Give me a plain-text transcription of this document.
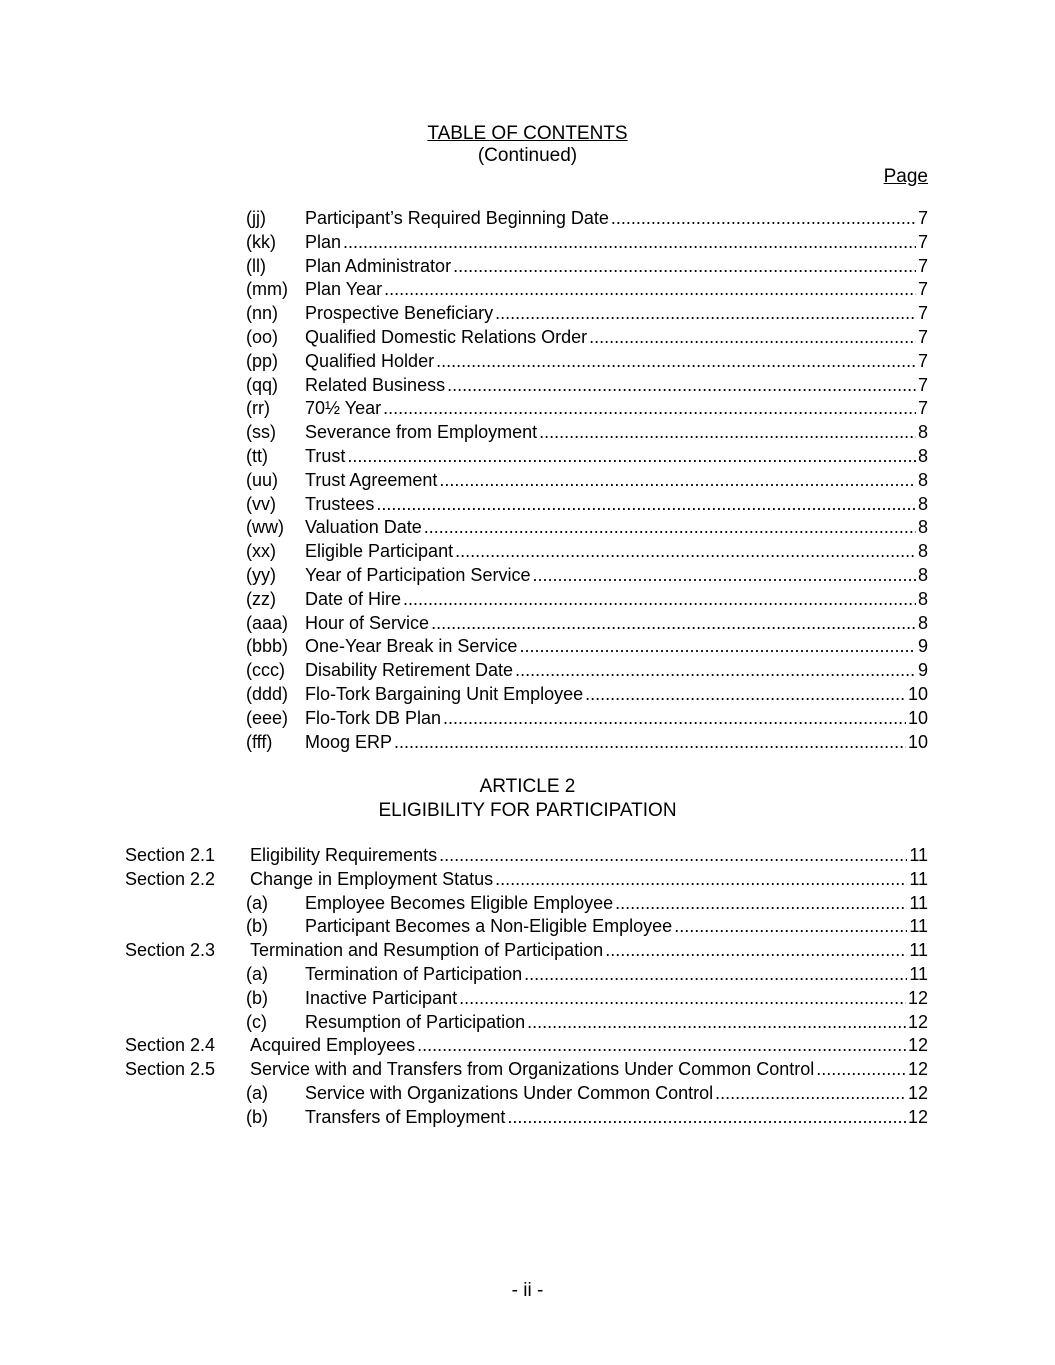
TABLE OF CONTENTS
(Continued)
Page
(jj) Participant’s Required Beginning Date .....	7
(kk) Plan .....	7
(ll) Plan Administrator .....	7
(mm) Plan Year .....	7
(nn) Prospective Beneficiary .....	7
(oo) Qualified Domestic Relations Order .....	7
(pp) Qualified Holder .....	7
(qq) Related Business .....	7
(rr) 70½ Year .....	7
(ss) Severance from Employment .....	8
(tt) Trust .....	8
(uu) Trust Agreement .....	8
(vv) Trustees .....	8
(ww) Valuation Date .....	8
(xx) Eligible Participant .....	8
(yy) Year of Participation Service .....	8
(zz) Date of Hire .....	8
(aaa) Hour of Service .....	8
(bbb) One-Year Break in Service .....	9
(ccc) Disability Retirement Date .....	9
(ddd) Flo-Tork Bargaining Unit Employee .....	10
(eee) Flo-Tork DB Plan .....	10
(fff) Moog ERP .....	10
ARTICLE 2
ELIGIBILITY FOR PARTICIPATION
Section 2.1 Eligibility Requirements .....	11
Section 2.2 Change in Employment Status .....	11
(a) Employee Becomes Eligible Employee .....	11
(b) Participant Becomes a Non-Eligible Employee .....	11
Section 2.3 Termination and Resumption of Participation .....	11
(a) Termination of Participation .....	11
(b) Inactive Participant .....	12
(c) Resumption of Participation .....	12
Section 2.4 Acquired Employees .....	12
Section 2.5 Service with and Transfers from Organizations Under Common Control .....	12
(a) Service with Organizations Under Common Control .....	12
(b) Transfers of Employment .....	12
- ii -
